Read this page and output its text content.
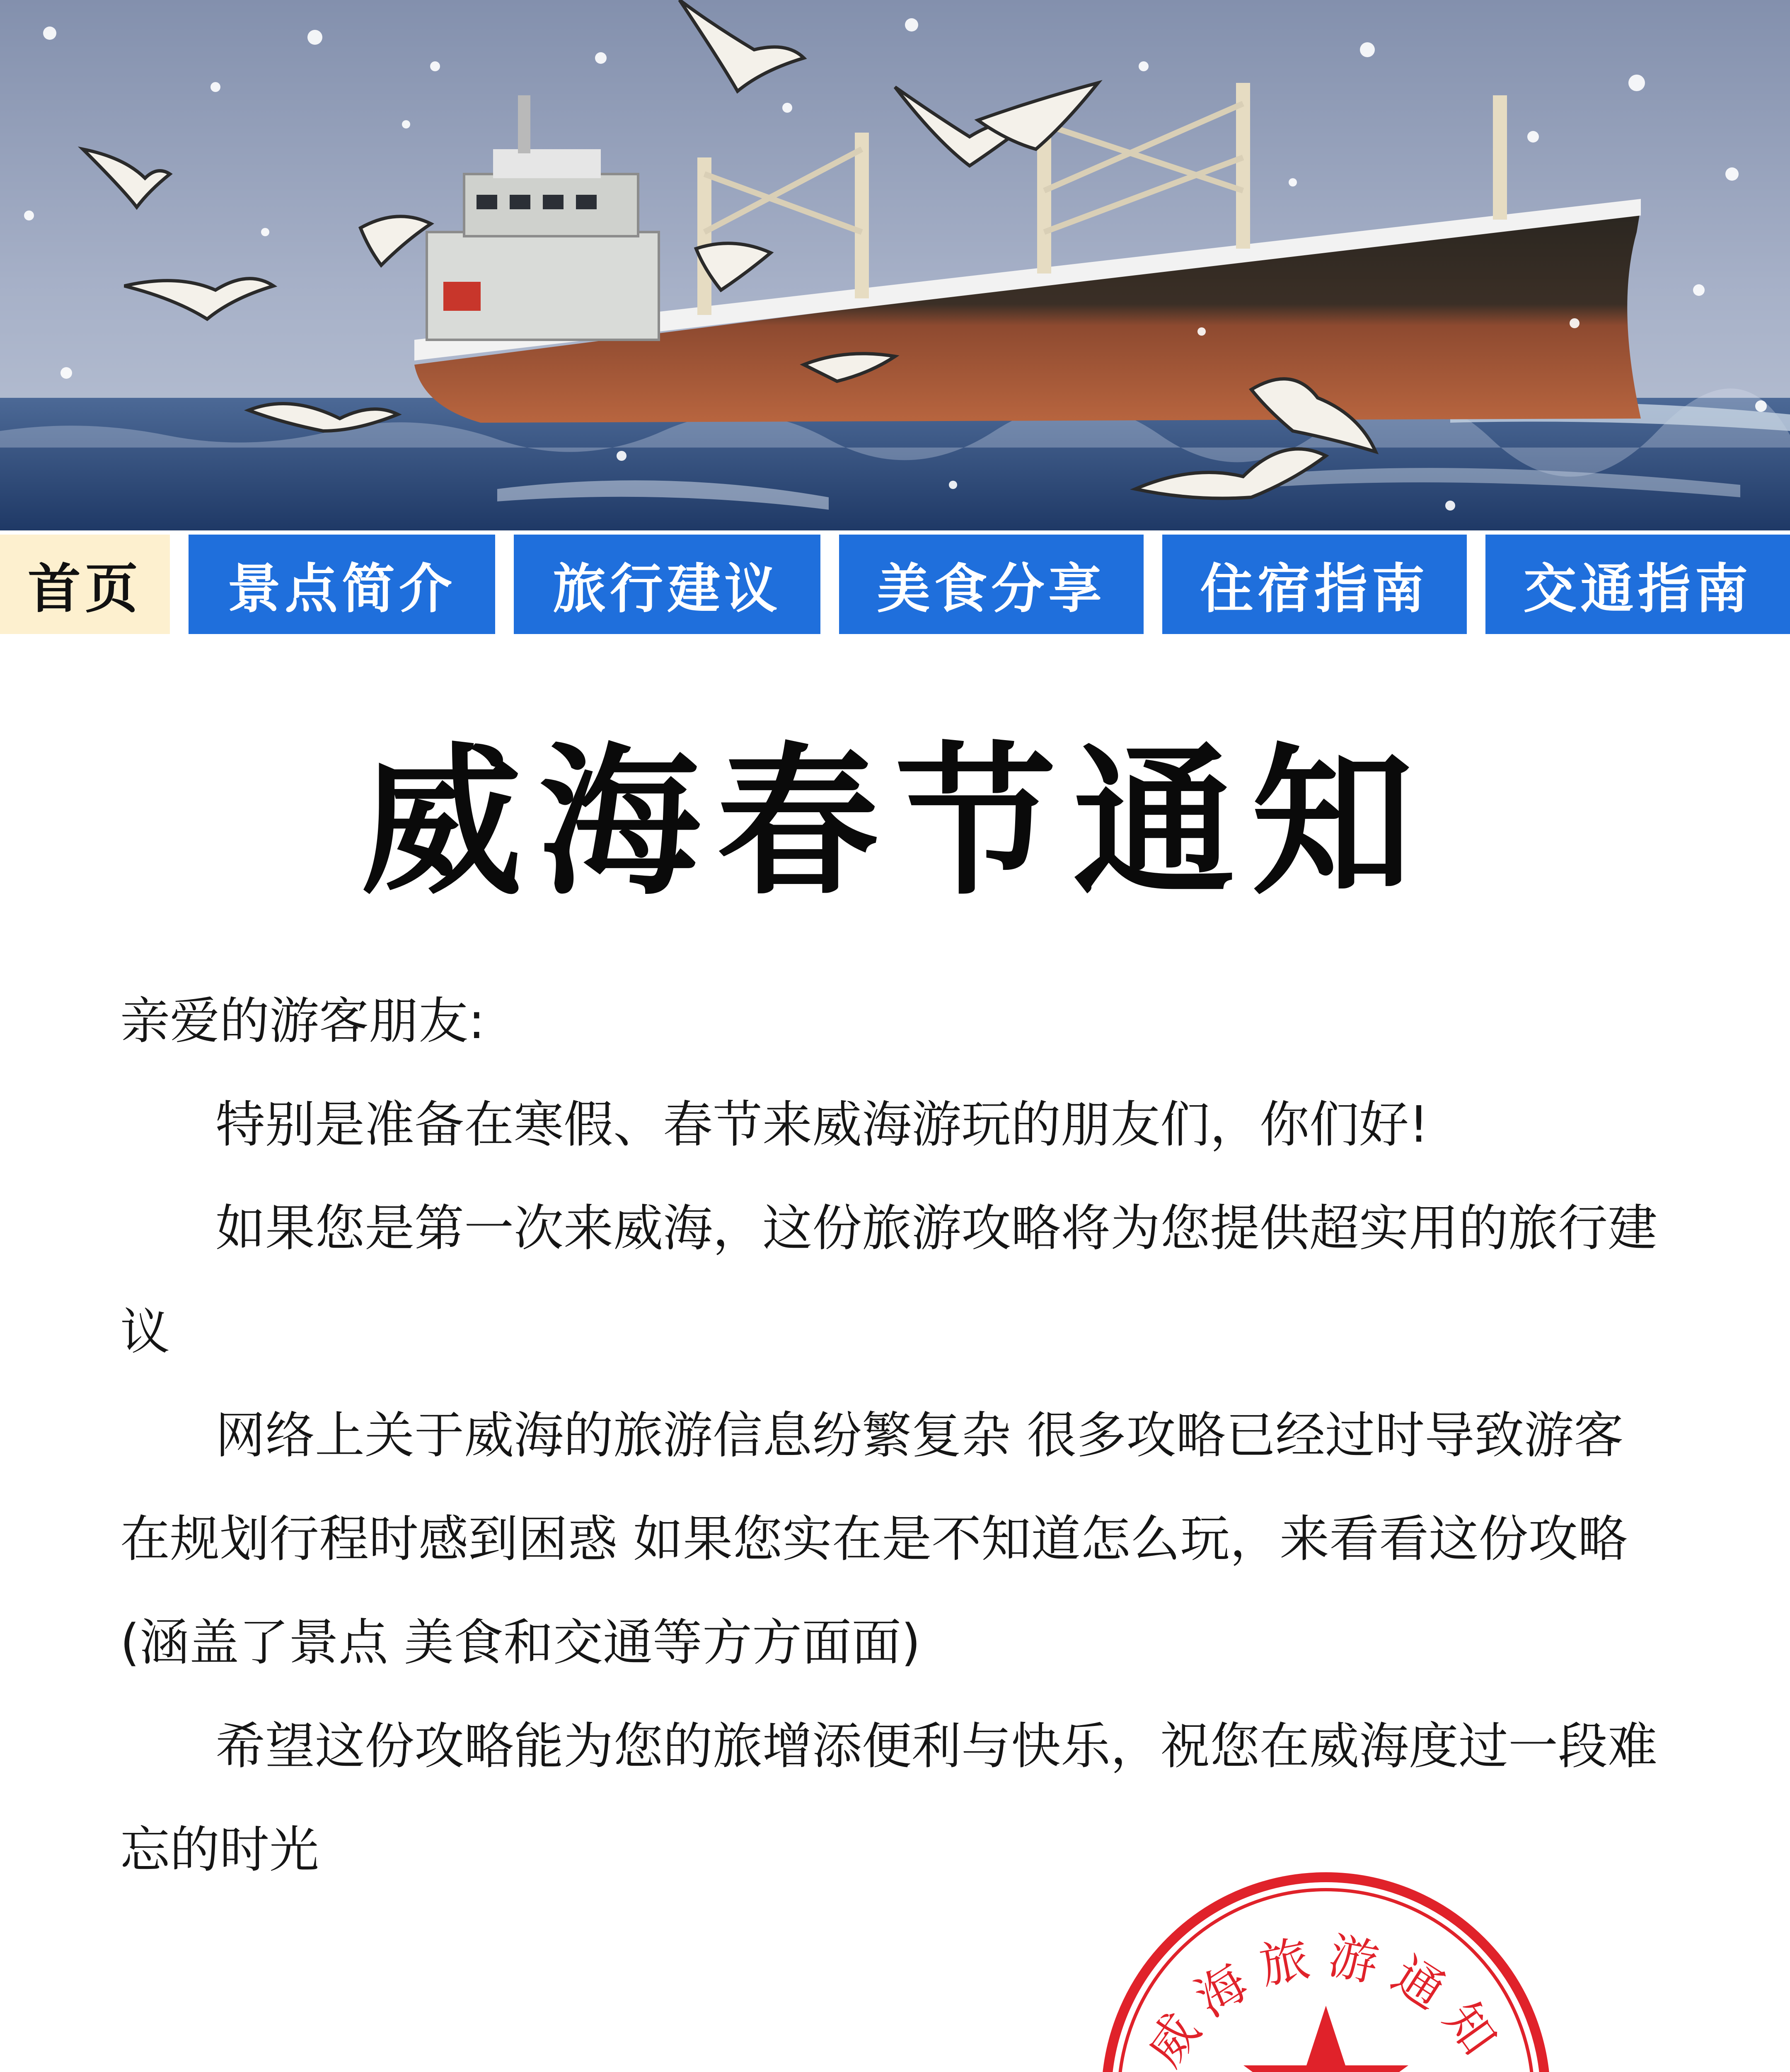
首页	景点简介	旅行建议	美食分享	住宿指南	交通指南
威海春节通知

亲爱的游客朋友:

特别是准备在寒假、春节来威海游玩的朋友们，你们好!

如果您是第一次来威海，这份旅游攻略将为您提供超实用的旅行建议

网络上关于威海的旅游信息纷繁复杂 很多攻略已经过时导致游客在规划行程时感到困惑 如果您实在是不知道怎么玩，来看看这份攻略(涵盖了景点 美食和交通等方方面面)

希望这份攻略能为您的旅增添便利与快乐，祝您在威海度过一段难忘的时光

威海旅游通知
